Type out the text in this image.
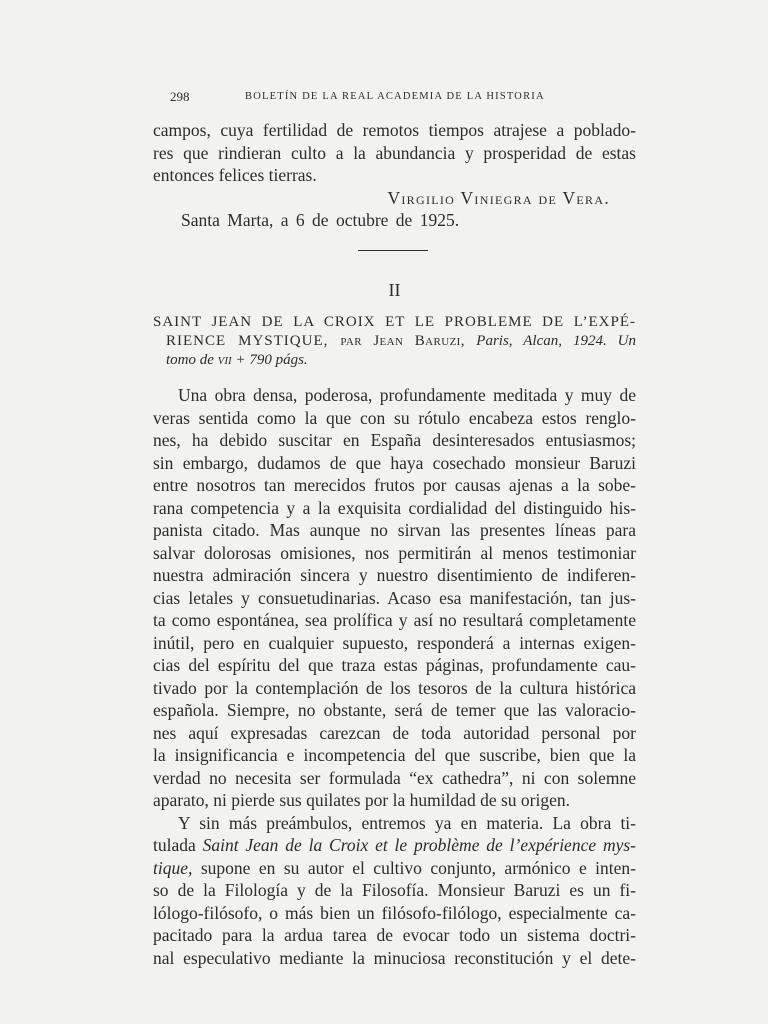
298	BOLETÍN DE LA REAL ACADEMIA DE LA HISTORIA
campos, cuya fertilidad de remotos tiempos atrajese a poblado-
res que rindieran culto a la abundancia y prosperidad de estas
entonces felices tierras.
Virgilio Viniegra de Vera.
Santa Marta, a 6 de octubre de 1925.
II
SAINT JEAN DE LA CROIX ET LE PROBLEME DE L’EXPÉ-
RIENCE MYSTIQUE, par Jean Baruzi, Paris, Alcan, 1924. Un
tomo de vii + 790 págs.
Una obra densa, poderosa, profundamente meditada y muy de
veras sentida como la que con su rótulo encabeza estos renglo-
nes, ha debido suscitar en España desinteresados entusiasmos;
sin embargo, dudamos de que haya cosechado monsieur Baruzi
entre nosotros tan merecidos frutos por causas ajenas a la sobe-
rana competencia y a la exquisita cordialidad del distinguido his-
panista citado. Mas aunque no sirvan las presentes líneas para
salvar dolorosas omisiones, nos permitirán al menos testimoniar
nuestra admiración sincera y nuestro disentimiento de indiferen-
cias letales y consuetudinarias. Acaso esa manifestación, tan jus-
ta como espontánea, sea prolífica y así no resultará completamente
inútil, pero en cualquier supuesto, responderá a internas exigen-
cias del espíritu del que traza estas páginas, profundamente cau-
tivado por la contemplación de los tesoros de la cultura histórica
española. Siempre, no obstante, será de temer que las valoracio-
nes aquí expresadas carezcan de toda autoridad personal por
la insignificancia e incompetencia del que suscribe, bien que la
verdad no necesita ser formulada “ex cathedra”, ni con solemne
aparato, ni pierde sus quilates por la humildad de su origen.
Y sin más preámbulos, entremos ya en materia. La obra ti-
tulada Saint Jean de la Croix et le problème de l’expérience mys-
tique, supone en su autor el cultivo conjunto, armónico e inten-
so de la Filología y de la Filosofía. Monsieur Baruzi es un fi-
lólogo-filósofo, o más bien un filósofo-filólogo, especialmente ca-
pacitado para la ardua tarea de evocar todo un sistema doctri-
nal especulativo mediante la minuciosa reconstitución y el dete-
